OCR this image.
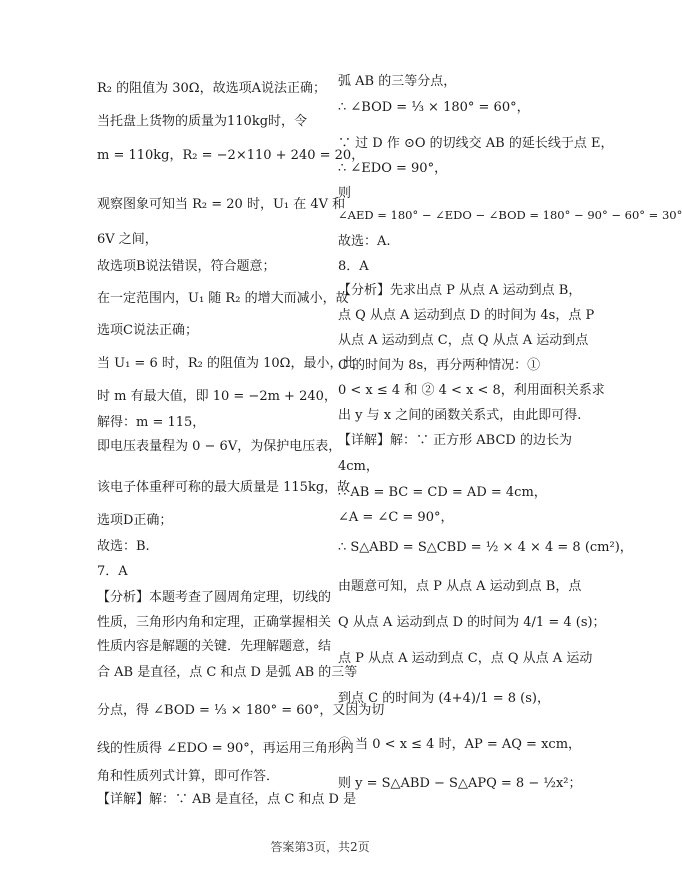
R₂ 的阻值为 30Ω，故选项A说法正确；
当托盘上货物的质量为110kg时，令
m = 110kg，R₂ = −2×110 + 240 = 20，
观察图象可知当 R₂ = 20 时，U₁ 在 4V 和
6V 之间，
故选项B说法错误，符合题意；
在一定范围内，U₁ 随 R₂ 的增大而减小，故
选项C说法正确；
当 U₁ = 6 时，R₂ 的阻值为 10Ω，最小，此
时 m 有最大值，即 10 = −2m + 240，
解得：m = 115，
即电压表量程为 0 − 6V，为保护电压表，
该电子体重秤可称的最大质量是 115kg，故
选项D正确；
故选：B.
7．A
【分析】本题考查了圆周角定理，切线的
性质，三角形内角和定理，正确掌握相关
性质内容是解题的关键．先理解题意，结
合 AB 是直径，点 C 和点 D 是弧 AB 的三等
分点，得 ∠BOD = ⅓ × 180° = 60°，又因为切
线的性质得 ∠EDO = 90°，再运用三角形内
角和性质列式计算，即可作答．
【详解】解：∵ AB 是直径，点 C 和点 D 是
弧 AB 的三等分点，
∴ ∠BOD = ⅓ × 180° = 60°，
∵ 过 D 作 ⊙O 的切线交 AB 的延长线于点 E，
∴ ∠EDO = 90°，
则
∠AED = 180° − ∠EDO − ∠BOD = 180° − 90° − 60° = 30°
故选：A.
8．A
【分析】先求出点 P 从点 A 运动到点 B，
点 Q 从点 A 运动到点 D 的时间为 4s，点 P
从点 A 运动到点 C，点 Q 从点 A 运动到点
C 的时间为 8s，再分两种情况：①
0 < x ≤ 4 和 ② 4 < x < 8，利用面积关系求
出 y 与 x 之间的函数关系式，由此即可得.
【详解】解：∵ 正方形 ABCD 的边长为
4cm，
∴ AB = BC = CD = AD = 4cm，
∠A = ∠C = 90°，
∴ S△ABD = S△CBD = ½ × 4 × 4 = 8 (cm²)，
由题意可知，点 P 从点 A 运动到点 B，点
Q 从点 A 运动到点 D 的时间为 4/1 = 4 (s)；
点 P 从点 A 运动到点 C，点 Q 从点 A 运动
到点 C 的时间为 (4+4)/1 = 8 (s)，
① 当 0 < x ≤ 4 时，AP = AQ = xcm，
则 y = S△ABD − S△APQ = 8 − ½x²；
答案第3页，共2页
